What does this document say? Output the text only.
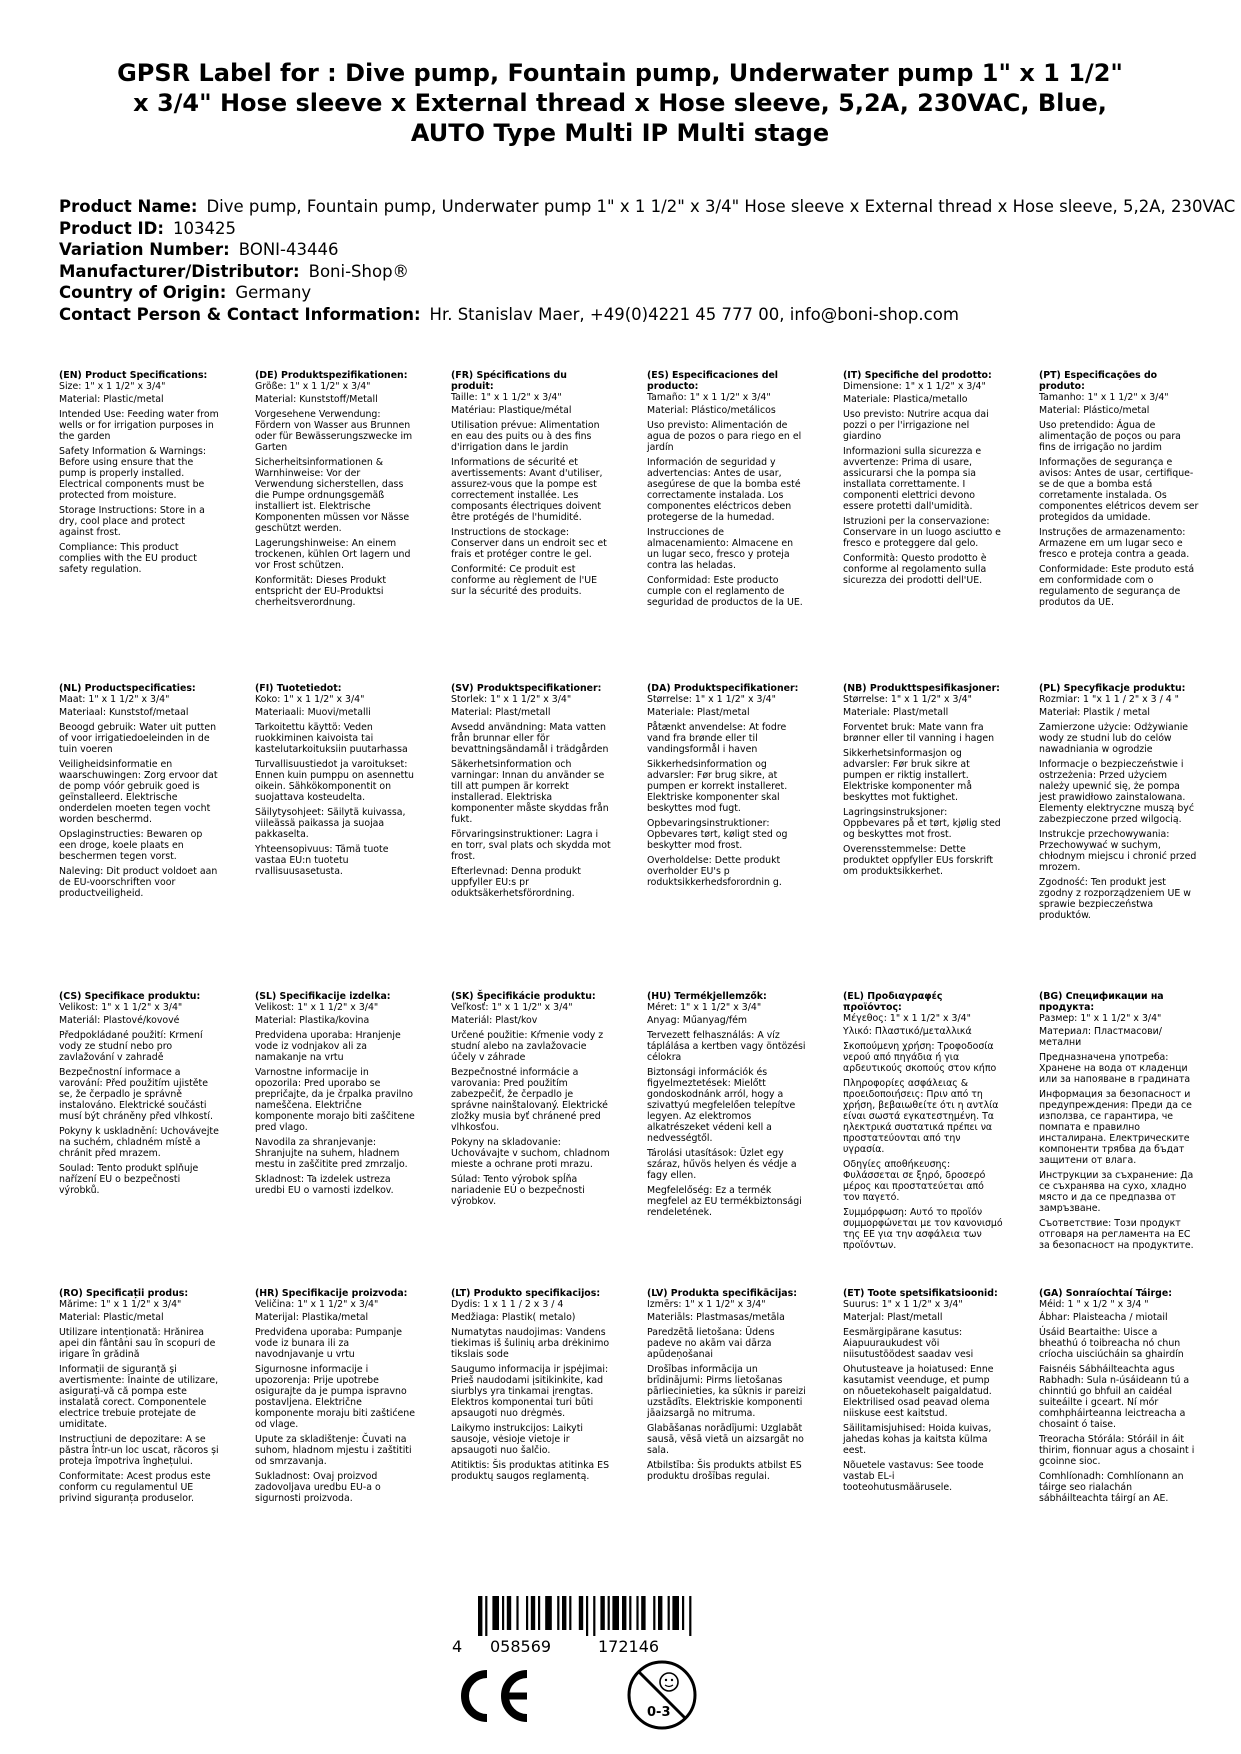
GPSR Label for : Dive pump, Fountain pump, Underwater pump 1" x 1 1/2" x 3/4" Hose sleeve x External thread x Hose sleeve, 5,2A, 230VAC, Blue, AUTO Type Multi IP Multi stage
Product Name: Dive pump, Fountain pump, Underwater pump 1" x 1 1/2" x 3/4" Hose sleeve x External thread x Hose sleeve, 5,2A, 230VAC
Product ID: 103425
Variation Number: BONI-43446
Manufacturer/Distributor: Boni-Shop®
Country of Origin: Germany
Contact Person & Contact Information: Hr. Stanislav Maer, +49(0)4221 45 777 00, info@boni-shop.com
(EN) Product Specifications:

Size: 1" x 1 1/2" x 3/4"

Material: Plastic/metal

Intended Use: Feeding water from wells or for irrigation purposes in the garden

Safety Information & Warnings: Before using ensure that the pump is properly installed. Electrical components must be protected from moisture.

Storage Instructions: Store in a dry, cool place and protect against frost.

Compliance: This product complies with the EU product safety regulation.

(DE) Produktspezifikationen:

Größe: 1" x 1 1/2" x 3/4"

Material: Kunststoff/Metall

Vorgesehene Verwendung: Fördern von Wasser aus Brunnen oder für Bewässerungszwecke im Garten

Sicherheitsinformationen & Warnhinweise: Vor der Verwendung sicherstellen, dass die Pumpe ordnungsgemäß installiert ist. Elektrische Komponenten müssen vor Nässe geschützt werden.

Lagerungshinweise: An einem trockenen, kühlen Ort lagern und vor Frost schützen.

Konformität: Dieses Produkt entspricht der EU-Produktsi cherheitsverordnung.

(FR) Spécifications du produit:

Taille: 1" x 1 1/2" x 3/4"

Matériau: Plastique/métal

Utilisation prévue: Alimentation en eau des puits ou à des fins d'irrigation dans le jardin

Informations de sécurité et avertissements: Avant d'utiliser, assurez-vous que la pompe est correctement installée. Les composants électriques doivent être protégés de l'humidité.

Instructions de stockage: Conserver dans un endroit sec et frais et protéger contre le gel.

Conformité: Ce produit est conforme au règlement de l'UE sur la sécurité des produits.

(ES) Especificaciones del producto:

Tamaño: 1" x 1 1/2" x 3/4"

Material: Plástico/metálicos

Uso previsto: Alimentación de agua de pozos o para riego en el jardín

Información de seguridad y advertencias: Antes de usar, asegúrese de que la bomba esté correctamente instalada. Los componentes eléctricos deben protegerse de la humedad.

Instrucciones de almacenamiento: Almacene en un lugar seco, fresco y proteja contra las heladas.

Conformidad: Este producto cumple con el reglamento de seguridad de productos de la UE.

(IT) Specifiche del prodotto:

Dimensione: 1" x 1 1/2" x 3/4"

Materiale: Plastica/metallo

Uso previsto: Nutrire acqua dai pozzi o per l'irrigazione nel giardino

Informazioni sulla sicurezza e avvertenze: Prima di usare, assicurarsi che la pompa sia installata correttamente. I componenti elettrici devono essere protetti dall'umidità.

Istruzioni per la conservazione: Conservare in un luogo asciutto e fresco e proteggere dal gelo.

Conformità: Questo prodotto è conforme al regolamento sulla sicurezza dei prodotti dell'UE.

(PT) Especificações do produto:

Tamanho: 1" x 1 1/2" x 3/4"

Material: Plástico/metal

Uso pretendido: Água de alimentação de poços ou para fins de irrigação no jardim

Informações de segurança e avisos: Antes de usar, certifique-se de que a bomba está corretamente instalada. Os componentes elétricos devem ser protegidos da umidade.

Instruções de armazenamento: Armazene em um lugar seco e fresco e proteja contra a geada.

Conformidade: Este produto está em conformidade com o regulamento de segurança de produtos da UE.

(NL) Productspecificaties:

Maat: 1" x 1 1/2" x 3/4"

Materiaal: Kunststof/metaal

Beoogd gebruik: Water uit putten of voor irrigatiedoeleinden in de tuin voeren

Veiligheidsinformatie en waarschuwingen: Zorg ervoor dat de pomp vóór gebruik goed is geïnstalleerd. Elektrische onderdelen moeten tegen vocht worden beschermd.

Opslaginstructies: Bewaren op een droge, koele plaats en beschermen tegen vorst.

Naleving: Dit product voldoet aan de EU-voorschriften voor productveiligheid.

(FI) Tuotetiedot:

Koko: 1" x 1 1/2" x 3/4"

Materiaali: Muovi/metalli

Tarkoitettu käyttö: Veden ruokkiminen kaivoista tai kastelutarkoituksiin puutarhassa

Turvallisuustiedot ja varoitukset: Ennen kuin pumppu on asennettu oikein. Sähkökomponentit on suojattava kosteudelta.

Säilytysohjeet: Säilytä kuivassa, viileässä paikassa ja suojaa pakkaselta.

Yhteensopivuus: Tämä tuote vastaa EU:n tuotetu rvallisuusasetusta.

(SV) Produktspecifikationer:

Storlek: 1" x 1 1/2" x 3/4"

Material: Plast/metall

Avsedd användning: Mata vatten från brunnar eller för bevattningsändamål i trädgården

Säkerhetsinformation och varningar: Innan du använder se till att pumpen är korrekt installerad. Elektriska komponenter måste skyddas från fukt.

Förvaringsinstruktioner: Lagra i en torr, sval plats och skydda mot frost.

Efterlevnad: Denna produkt uppfyller EU:s pr oduktsäkerhetsförordning.

(DA) Produktspecifikationer:

Størrelse: 1" x 1 1/2" x 3/4"

Materiale: Plast/metal

Påtænkt anvendelse: At fodre vand fra brønde eller til vandingsformål i haven

Sikkerhedsinformation og advarsler: Før brug sikre, at pumpen er korrekt installeret. Elektriske komponenter skal beskyttes mod fugt.

Opbevaringsinstruktioner: Opbevares tørt, køligt sted og beskytter mod frost.

Overholdelse: Dette produkt overholder EU's p roduktsikkerhedsforordnin g.

(NB) Produkttspesifikasjoner:

Størrelse: 1" x 1 1/2" x 3/4"

Materiale: Plast/metall

Forventet bruk: Mate vann fra brønner eller til vanning i hagen

Sikkerhetsinformasjon og advarsler: Før bruk sikre at pumpen er riktig installert. Elektriske komponenter må beskyttes mot fuktighet.

Lagringsinstruksjoner: Oppbevares på et tørt, kjølig sted og beskyttes mot frost.

Overensstemmelse: Dette produktet oppfyller EUs forskrift om produktsikkerhet.

(PL) Specyfikacje produktu:

Rozmiar: 1 "x 1 1 / 2" x 3 / 4 "

Materiał: Plastik / metal

Zamierzone użycie: Odżywianie wody ze studni lub do celów nawadniania w ogrodzie

Informacje o bezpieczeństwie i ostrzeżenia: Przed użyciem należy upewnić się, że pompa jest prawidłowo zainstalowana. Elementy elektryczne muszą być zabezpieczone przed wilgocią.

Instrukcje przechowywania: Przechowywać w suchym, chłodnym miejscu i chronić przed mrozem.

Zgodność: Ten produkt jest zgodny z rozporządzeniem UE w sprawie bezpieczeństwa produktów.

(CS) Specifikace produktu:

Velikost: 1" x 1 1/2" x 3/4"

Materiál: Plastové/kovové

Předpokládané použití: Krmení vody ze studní nebo pro zavlažování v zahradě

Bezpečnostní informace a varování: Před použitím ujistěte se, že čerpadlo je správně instalováno. Elektrické součásti musí být chráněny před vlhkostí.

Pokyny k uskladnění: Uchovávejte na suchém, chladném místě a chránit před mrazem.

Soulad: Tento produkt splňuje nařízení EU o bezpečnosti výrobků.

(SL) Specifikacije izdelka:

Velikost: 1" x 1 1/2" x 3/4"

Material: Plastika/kovina

Predvidena uporaba: Hranjenje vode iz vodnjakov ali za namakanje na vrtu

Varnostne informacije in opozorila: Pred uporabo se prepričajte, da je črpalka pravilno nameščena. Električne komponente morajo biti zaščitene pred vlago.

Navodila za shranjevanje: Shranjujte na suhem, hladnem mestu in zaščitite pred zmrzaljo.

Skladnost: Ta izdelek ustreza uredbi EU o varnosti izdelkov.

(SK) Špecifikácie produktu:

Veľkosť: 1" x 1 1/2" x 3/4"

Materiál: Plast/kov

Určené použitie: Kŕmenie vody z studní alebo na zavlažovacie účely v záhrade

Bezpečnostné informácie a varovania: Pred použitím zabezpečiť, že čerpadlo je správne nainštalovaný. Elektrické zložky musia byť chránené pred vlhkosťou.

Pokyny na skladovanie: Uchovávajte v suchom, chladnom mieste a ochrane proti mrazu.

Súlad: Tento výrobok spĺňa nariadenie EÚ o bezpečnosti výrobkov.

(HU) Termékjellemzők:

Méret: 1" x 1 1/2" x 3/4"

Anyag: Műanyag/fém

Tervezett felhasználás: A víz táplálása a kertben vagy öntözési célokra

Biztonsági információk és figyelmeztetések: Mielőtt gondoskodnánk arról, hogy a szivattyú megfelelően telepítve legyen. Az elektromos alkatrészeket védeni kell a nedvességtől.

Tárolási utasítások: Üzlet egy száraz, hűvös helyen és védje a fagy ellen.

Megfelelőség: Ez a termék megfelel az EU termékbiztonsági rendeletének.

(EL) Προδιαγραφές προϊόντος:

Μέγεθος: 1" x 1 1/2" x 3/4"

Υλικό: Πλαστικό/μεταλλικά

Σκοπούμενη χρήση: Τροφοδοσία νερού από πηγάδια ή για αρδευτικούς σκοπούς στον κήπο

Πληροφορίες ασφάλειας & προειδοποιήσεις: Πριν από τη χρήση, βεβαιωθείτε ότι η αντλία είναι σωστά εγκατεστημένη. Τα ηλεκτρικά συστατικά πρέπει να προστατεύονται από την υγρασία.

Οδηγίες αποθήκευσης: Φυλάσσεται σε ξηρό, δροσερό μέρος και προστατεύεται από τον παγετό.

Συμμόρφωση: Αυτό το προϊόν συμμορφώνεται με τον κανονισμό της ΕΕ για την ασφάλεια των προϊόντων.

(BG) Спецификации на продукта:

Размер: 1" x 1 1/2" x 3/4"

Материал: Пластмасови/метални

Предназначена употреба: Хранене на вода от кладенци или за напояване в градината

Информация за безопасност и предупреждения: Преди да се използва, се гарантира, че помпата е правилно инсталирана. Електрическите компоненти трябва да бъдат защитени от влага.

Инструкции за съхранение: Да се съхранява на сухо, хладно място и да се предпазва от замръзване.

Съответствие: Този продукт отговаря на регламента на ЕС за безопасност на продуктите.

(RO) Specificații produs:

Mărime: 1" x 1 1/2" x 3/4"

Material: Plastic/metal

Utilizare intenționată: Hrănirea apei din fântâni sau în scopuri de irigare în grădină

Informații de siguranță și avertismente: Înainte de utilizare, asigurați-vă că pompa este instalată corect. Componentele electrice trebuie protejate de umiditate.

Instrucțiuni de depozitare: A se păstra într-un loc uscat, răcoros și proteja împotriva înghețului.

Conformitate: Acest produs este conform cu regulamentul UE privind siguranța produselor.

(HR) Specifikacije proizvoda:

Veličina: 1" x 1 1/2" x 3/4"

Materijal: Plastika/metal

Predviđena uporaba: Pumpanje vode iz bunara ili za navodnjavanje u vrtu

Sigurnosne informacije i upozorenja: Prije upotrebe osigurajte da je pumpa ispravno postavljena. Električne komponente moraju biti zaštićene od vlage.

Upute za skladištenje: Čuvati na suhom, hladnom mjestu i zaštititi od smrzavanja.

Sukladnost: Ovaj proizvod zadovoljava uredbu EU-a o sigurnosti proizvoda.

(LT) Produkto specifikacijos:

Dydis: 1 x 1 1 / 2 x 3 / 4

Medžiaga: Plastik( metalo)

Numatytas naudojimas: Vandens tiekimas iš šulinių arba drėkinimo tikslais sode

Saugumo informacija ir įspėjimai: Prieš naudodami įsitikinkite, kad siurblys yra tinkamai įrengtas. Elektros komponentai turi būti apsaugoti nuo drėgmės.

Laikymo instrukcijos: Laikyti sausoje, vėsioje vietoje ir apsaugoti nuo šalčio.

Atitiktis: Šis produktas atitinka ES produktų saugos reglamentą.

(LV) Produkta specifikācijas:

Izmērs: 1" x 1 1/2" x 3/4"

Materiāls: Plastmasas/metāla

Paredzētā lietošana: Ūdens padeve no akām vai dārza apūdeņošanai

Drošības informācija un brīdinājumi: Pirms lietošanas pārliecinieties, ka sūknis ir pareizi uzstādīts. Elektriskie komponenti jāaizsargā no mitruma.

Glabāšanas norādījumi: Uzglabāt sausā, vēsā vietā un aizsargāt no sala.

Atbilstība: Šis produkts atbilst ES produktu drošības regulai.

(ET) Toote spetsifikatsioonid:

Suurus: 1" x 1 1/2" x 3/4"

Materjal: Plast/metall

Eesmärgipärane kasutus: Aiapuuraukudest või niisutustöödest saadav vesi

Ohutusteave ja hoiatused: Enne kasutamist veenduge, et pump on nõuetekohaselt paigaldatud. Elektrilised osad peavad olema niiskuse eest kaitstud.

Säilitamisjuhised: Hoida kuivas, jahedas kohas ja kaitsta külma eest.

Nõuetele vastavus: See toode vastab EL-i tooteohutusmäärusele.

(GA) Sonraíochtaí Táirge:

Méid: 1 " x 1/2 " x 3/4 "

Ábhar: Plaisteacha / miotail

Úsáid Beartaithe: Uisce a bheathú ó toibreacha nó chun críocha uisciúcháin sa ghairdín

Faisnéis Sábháilteachta agus Rabhadh: Sula n-úsáideann tú a chinntiú go bhfuil an caidéal suiteáilte i gceart. Ní mór comhpháirteanna leictreacha a chosaint ó taise.

Treoracha Stórála: Stóráil in áit thirim, fionnuar agus a chosaint i gcoinne sioc.

Comhlíonadh: Comhlíonann an táirge seo rialachán sábháilteachta táirgí an AE.

4 058569	172146
0-3
